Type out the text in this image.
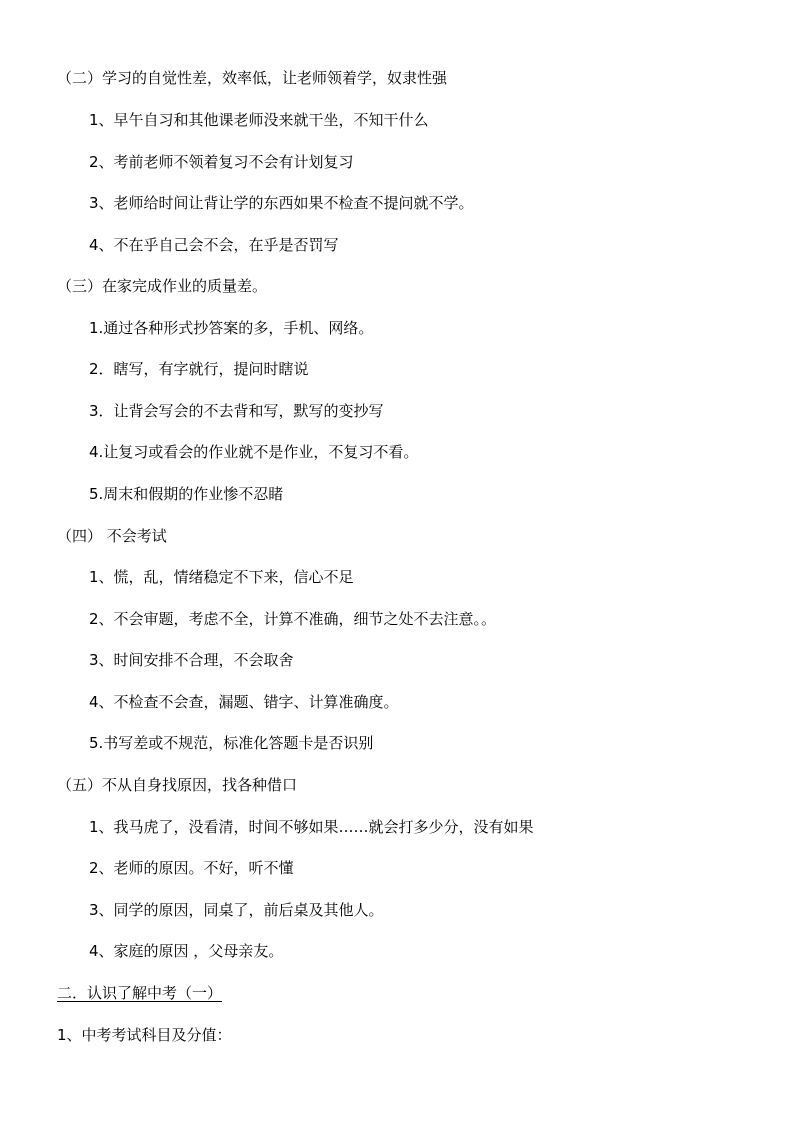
（二）学习的自觉性差，效率低，让老师领着学，奴隶性强
1、早午自习和其他课老师没来就干坐，不知干什么
2、考前老师不领着复习不会有计划复习
3、老师给时间让背让学的东西如果不检查不提问就不学。
4、不在乎自己会不会，在乎是否罚写
（三）在家完成作业的质量差。
1.通过各种形式抄答案的多，手机、网络。
2．瞎写，有字就行，提问时瞎说
3．让背会写会的不去背和写，默写的变抄写
4.让复习或看会的作业就不是作业，不复习不看。
5.周末和假期的作业惨不忍睹
（四） 不会考试
1、慌，乱，情绪稳定不下来，信心不足
2、不会审题，考虑不全，计算不准确，细节之处不去注意。。
3、时间安排不合理，不会取舍
4、不检查不会查，漏题、错字、计算准确度。
5.书写差或不规范，标准化答题卡是否识别
（五）不从自身找原因，找各种借口
1、我马虎了，没看清，时间不够如果……就会打多少分，没有如果
2、老师的原因。不好，听不懂
3、同学的原因，同桌了，前后桌及其他人。
4、家庭的原因 ，父母亲友。
二．认识了解中考（一）
1、中考考试科目及分值：
